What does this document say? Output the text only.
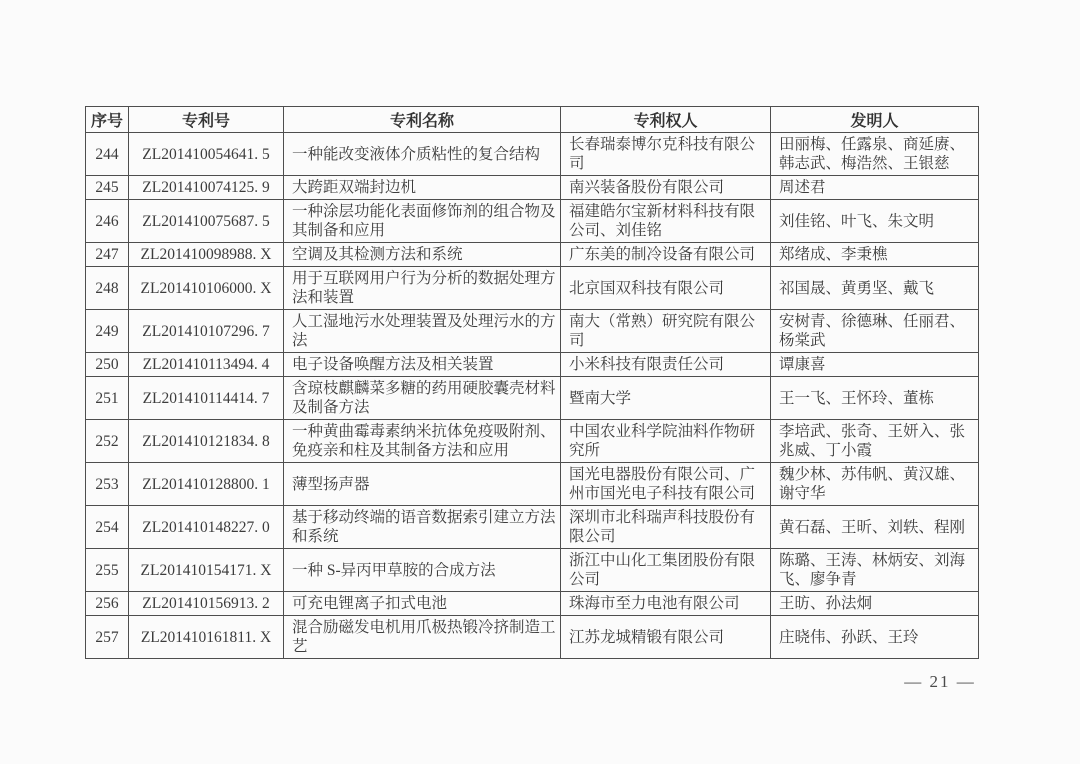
序号	专利号	专利名称	专利权人	发明人
244	ZL201410054641. 5	一种能改变液体介质粘性的复合结构	长春瑞泰博尔克科技有限公司	田丽梅、任露泉、商延赓、韩志武、梅浩然、王银慈
245	ZL201410074125. 9	大跨距双端封边机	南兴装备股份有限公司	周述君
246	ZL201410075687. 5	一种涂层功能化表面修饰剂的组合物及其制备和应用	福建皓尔宝新材料科技有限公司、刘佳铭	刘佳铭、叶飞、朱文明
247	ZL201410098988. X	空调及其检测方法和系统	广东美的制冷设备有限公司	郑绪成、李秉樵
248	ZL201410106000. X	用于互联网用户行为分析的数据处理方法和装置	北京国双科技有限公司	祁国晟、黄勇坚、戴飞
249	ZL201410107296. 7	人工湿地污水处理装置及处理污水的方法	南大（常熟）研究院有限公司	安树青、徐德琳、任丽君、杨棠武
250	ZL201410113494. 4	电子设备唤醒方法及相关装置	小米科技有限责任公司	谭康喜
251	ZL201410114414. 7	含琼枝麒麟菜多糖的药用硬胶囊壳材料及制备方法	暨南大学	王一飞、王怀玲、董栋
252	ZL201410121834. 8	一种黄曲霉毒素纳米抗体免疫吸附剂、免疫亲和柱及其制备方法和应用	中国农业科学院油料作物研究所	李培武、张奇、王妍入、张兆威、丁小霞
253	ZL201410128800. 1	薄型扬声器	国光电器股份有限公司、广州市国光电子科技有限公司	魏少林、苏伟帆、黄汉雄、谢守华
254	ZL201410148227. 0	基于移动终端的语音数据索引建立方法和系统	深圳市北科瑞声科技股份有限公司	黄石磊、王昕、刘轶、程刚
255	ZL201410154171. X	一种 S-异丙甲草胺的合成方法	浙江中山化工集团股份有限公司	陈璐、王涛、林炳安、刘海飞、廖争青
256	ZL201410156913. 2	可充电锂离子扣式电池	珠海市至力电池有限公司	王昉、孙法炯
257	ZL201410161811. X	混合励磁发电机用爪极热锻冷挤制造工艺	江苏龙城精锻有限公司	庄晓伟、孙跃、王玲
— 21 —
